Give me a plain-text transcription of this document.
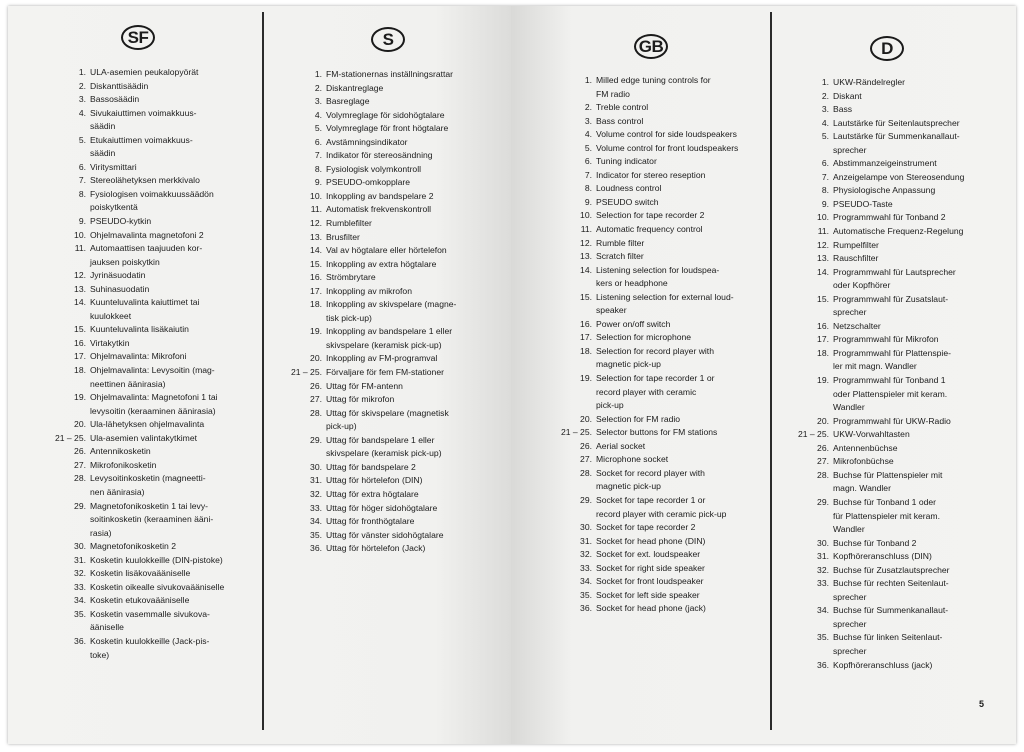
SF
1. ULA-asemien peukalopyörät
2. Diskanttisäädin
3. Bassosäädin
4. Sivukaiuttimen voimakkuus-
säädin
5. Etukaiuttimen voimakkuus-
säädin
6. Viritysmittari
7. Stereolähetyksen merkkivalo
8. Fysiologisen voimakkuussäädön
poiskytkentä
9. PSEUDO-kytkin
10. Ohjelmavalinta magnetofoni 2
11. Automaattisen taajuuden kor-
jauksen poiskytkin
12. Jyrinäsuodatin
13. Suhinasuodatin
14. Kuunteluvalinta kaiuttimet tai
kuulokkeet
15. Kuunteluvalinta lisäkaiutin
16. Virtakytkin
17. Ohjelmavalinta: Mikrofoni
18. Ohjelmavalinta: Levysoitin (mag-
neettinen äänirasia)
19. Ohjelmavalinta: Magnetofoni 1 tai
levysoitin (keraaminen äänirasia)
20. Ula-lähetyksen ohjelmavalinta
21 – 25. Ula-asemien valintakytkimet
26. Antennikosketin
27. Mikrofonikosketin
28. Levysoitinkosketin (magneetti-
nen äänirasia)
29. Magnetofonikosketin 1 tai levy-
soitinkosketin (keraaminen ääni-
rasia)
30. Magnetofonikosketin 2
31. Kosketin kuulokkeille (DIN-pistoke)
32. Kosketin lisäkovaääniselle
33. Kosketin oikealle sivukovaääniselle
34. Kosketin etukovaääniselle
35. Kosketin vasemmalle sivukova-
ääniselle
36. Kosketin kuulokkeille (Jack-pis-
toke)
S
1. FM-stationernas inställningsrattar
2. Diskantreglage
3. Basreglage
4. Volymreglage för sidohögtalare
5. Volymreglage för front högtalare
6. Avstämningsindikator
7. Indikator för stereosändning
8. Fysiologisk volymkontroll
9. PSEUDO-omkopplare
10. Inkoppling av bandspelare 2
11. Automatisk frekvenskontroll
12. Rumblefilter
13. Brusfilter
14. Val av högtalare eller hörtelefon
15. Inkoppling av extra högtalare
16. Strömbrytare
17. Inkoppling av mikrofon
18. Inkoppling av skivspelare (magne-
tisk pick-up)
19. Inkoppling av bandspelare 1 eller
skivspelare (keramisk pick-up)
20. Inkoppling av FM-programval
21 – 25. Förvaljare för fem FM-stationer
26. Uttag för FM-antenn
27. Uttag för mikrofon
28. Uttag för skivspelare (magnetisk
pick-up)
29. Uttag för bandspelare 1 eller
skivspelare (keramisk pick-up)
30. Uttag för bandspelare 2
31. Uttag för hörtelefon (DIN)
32. Uttag för extra högtalare
33. Uttag för höger sidohögtalare
34. Uttag för fronthögtalare
35. Uttag för vänster sidohögtalare
36. Uttag för hörtelefon (Jack)
GB
1. Milled edge tuning controls for
FM radio
2. Treble control
3. Bass control
4. Volume control for side loudspeakers
5. Volume control for front loudspeakers
6. Tuning indicator
7. Indicator for stereo reseption
8. Loudness control
9. PSEUDO switch
10. Selection for tape recorder 2
11. Automatic frequency control
12. Rumble filter
13. Scratch filter
14. Listening selection for loudspea-
kers or headphone
15. Listening selection for external loud-
speaker
16. Power on/off switch
17. Selection for microphone
18. Selection for record player with
magnetic pick-up
19. Selection for tape recorder 1 or
record player with ceramic
pick-up
20. Selection for FM radio
21 – 25. Selector buttons for FM stations
26. Aerial socket
27. Microphone socket
28. Socket for record player with
magnetic pick-up
29. Socket for tape recorder 1 or
record player with ceramic pick-up
30. Socket for tape recorder 2
31. Socket for head phone (DIN)
32. Socket for ext. loudspeaker
33. Socket for right side speaker
34. Socket for front loudspeaker
35. Socket for left side speaker
36. Socket for head phone (jack)
D
1. UKW-Rändelregler
2. Diskant
3. Bass
4. Lautstärke für Seitenlautsprecher
5. Lautstärke für Summenkanallaut-
sprecher
6. Abstimmanzeigeinstrument
7. Anzeigelampe von Stereosendung
8. Physiologische Anpassung
9. PSEUDO-Taste
10. Programmwahl für Tonband 2
11. Automatische Frequenz-Regelung
12. Rumpelfilter
13. Rauschfilter
14. Programmwahl für Lautsprecher
oder Kopfhörer
15. Programmwahl für Zusatslaut-
sprecher
16. Netzschalter
17. Programmwahl für Mikrofon
18. Programmwahl für Plattenspie-
ler mit magn. Wandler
19. Programmwahl für Tonband 1
oder Plattenspieler mit keram.
Wandler
20. Programmwahl für UKW-Radio
21 – 25. UKW-Vorwahltasten
26. Antennenbüchse
27. Mikrofonbüchse
28. Buchse für Plattenspieler mit
magn. Wandler
29. Buchse für Tonband 1 oder
für Plattenspieler mit keram.
Wandler
30. Buchse für Tonband 2
31. Kopfhöreranschluss (DIN)
32. Buchse für Zusatzlautsprecher
33. Buchse für rechten Seitenlaut-
sprecher
34. Buchse für Summenkanallaut-
sprecher
35. Buchse für linken Seitenlaut-
sprecher
36. Kopfhöreranschluss (jack)
5
